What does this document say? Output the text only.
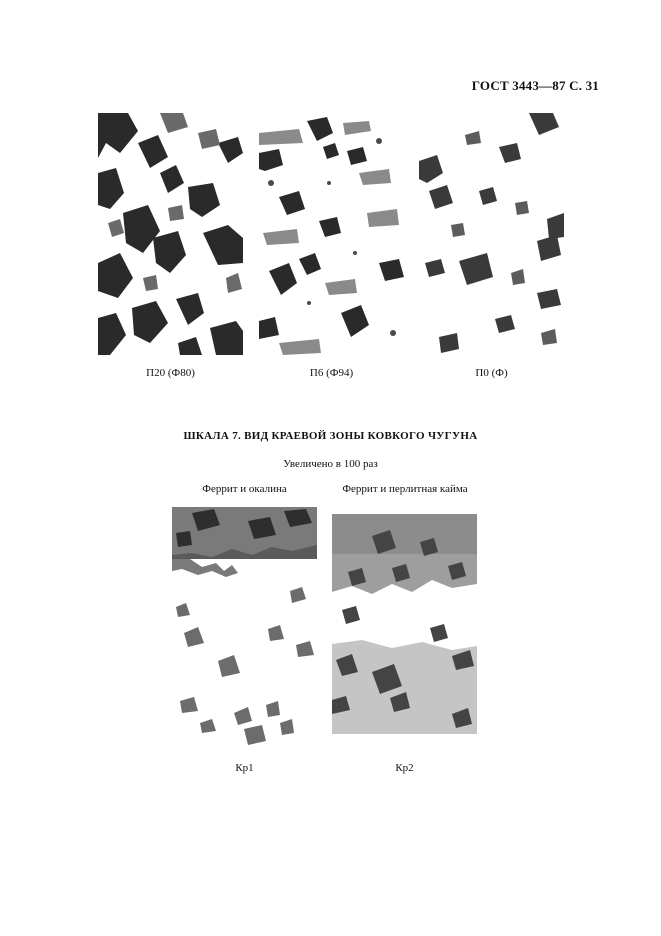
ГОСТ 3443—87 С. 31
П20 (Ф80)	П6 (Ф94)	П0 (Ф)
ШКАЛА 7. ВИД КРАЕВОЙ ЗОНЫ КОВКОГО ЧУГУНА
Увеличено в 100 раз
Феррит и окалина	Феррит и перлитная кайма
Кр1	Кр2
